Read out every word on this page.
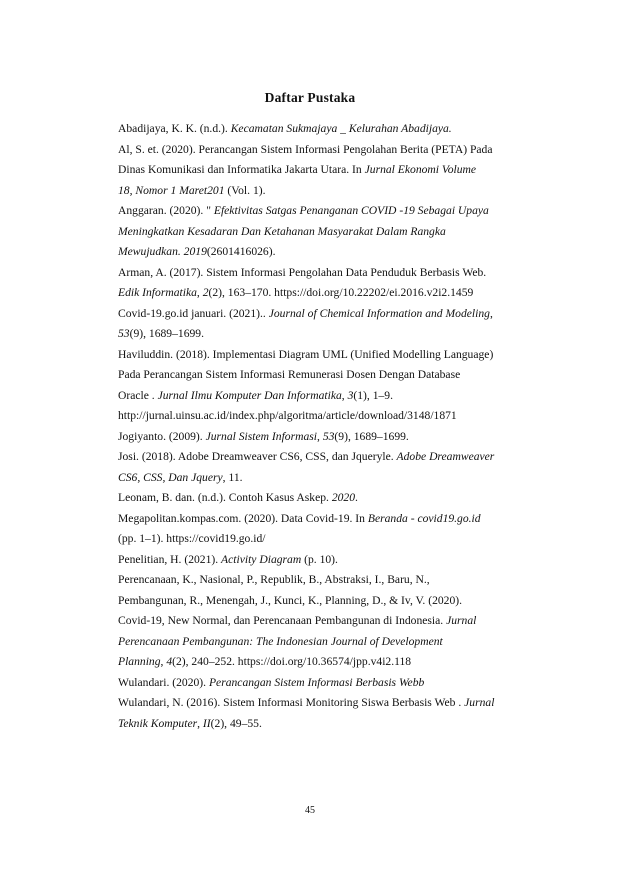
Daftar Pustaka

Abadijaya, K. K. (n.d.). Kecamatan Sukmajaya _ Kelurahan Abadijaya.

Al, S. et. (2020). Perancangan Sistem Informasi Pengolahan Berita (PETA) Pada
Dinas Komunikasi dan Informatika Jakarta Utara. In Jurnal Ekonomi Volume
18, Nomor 1 Maret201 (Vol. 1).

Anggaran. (2020). " Efektivitas Satgas Penanganan COVID -19 Sebagai Upaya
Meningkatkan Kesadaran Dan Ketahanan Masyarakat Dalam Rangka
Mewujudkan. 2019(2601416026).

Arman, A. (2017). Sistem Informasi Pengolahan Data Penduduk Berbasis Web.
Edik Informatika, 2(2), 163–170. https://doi.org/10.22202/ei.2016.v2i2.1459

Covid-19.go.id januari. (2021).. Journal of Chemical Information and Modeling,
53(9), 1689–1699.

Haviluddin. (2018). Implementasi Diagram UML (Unified Modelling Language)
Pada Perancangan Sistem Informasi Remunerasi Dosen Dengan Database
Oracle . Jurnal Ilmu Komputer Dan Informatika, 3(1), 1–9.
http://jurnal.uinsu.ac.id/index.php/algoritma/article/download/3148/1871

Jogiyanto. (2009). Jurnal Sistem Informasi, 53(9), 1689–1699.

Josi. (2018). Adobe Dreamweaver CS6, CSS, dan Jqueryle. Adobe Dreamweaver
CS6, CSS, Dan Jquery, 11.

Leonam, B. dan. (n.d.). Contoh Kasus Askep. 2020.

Megapolitan.kompas.com. (2020). Data Covid-19. In Beranda - covid19.go.id
(pp. 1–1). https://covid19.go.id/

Penelitian, H. (2021). Activity Diagram (p. 10).

Perencanaan, K., Nasional, P., Republik, B., Abstraksi, I., Baru, N.,
Pembangunan, R., Menengah, J., Kunci, K., Planning, D., & Iv, V. (2020).
Covid-19, New Normal, dan Perencanaan Pembangunan di Indonesia. Jurnal
Perencanaan Pembangunan: The Indonesian Journal of Development
Planning, 4(2), 240–252. https://doi.org/10.36574/jpp.v4i2.118

Wulandari. (2020). Perancangan Sistem Informasi Berbasis Webb

Wulandari, N. (2016). Sistem Informasi Monitoring Siswa Berbasis Web . Jurnal
Teknik Komputer, II(2), 49–55.

45
